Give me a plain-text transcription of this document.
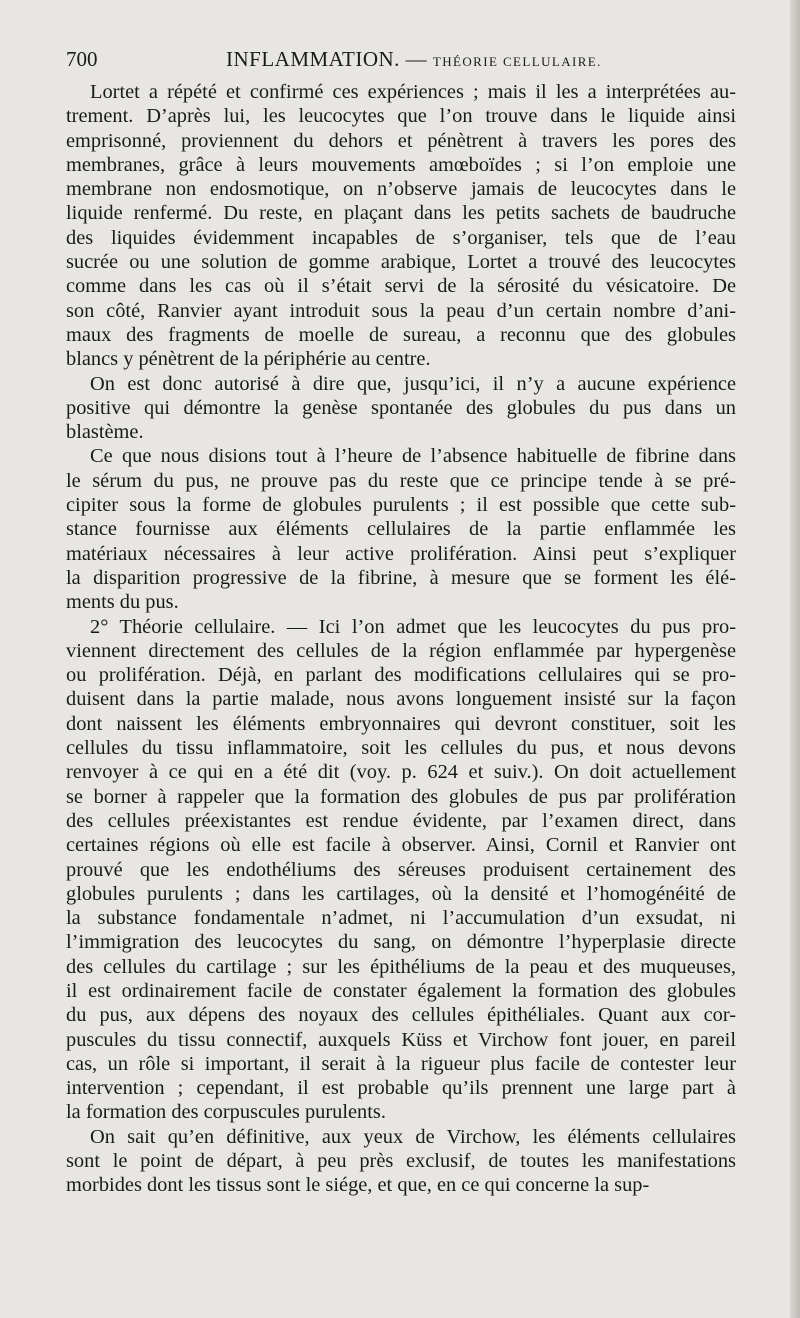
700	INFLAMMATION. — THÉORIE CELLULAIRE.
Lortet a répété et confirmé ces expériences ; mais il les a interprétées au-
trement. D’après lui, les leucocytes que l’on trouve dans le liquide ainsi
emprisonné, proviennent du dehors et pénètrent à travers les pores des
membranes, grâce à leurs mouvements amœboïdes ; si l’on emploie une
membrane non endosmotique, on n’observe jamais de leucocytes dans le
liquide renfermé. Du reste, en plaçant dans les petits sachets de baudruche
des liquides évidemment incapables de s’organiser, tels que de l’eau
sucrée ou une solution de gomme arabique, Lortet a trouvé des leucocytes
comme dans les cas où il s’était servi de la sérosité du vésicatoire. De
son côté, Ranvier ayant introduit sous la peau d’un certain nombre d’ani-
maux des fragments de moelle de sureau, a reconnu que des globules
blancs y pénètrent de la périphérie au centre.
On est donc autorisé à dire que, jusqu’ici, il n’y a aucune expérience
positive qui démontre la genèse spontanée des globules du pus dans un
blastème.
Ce que nous disions tout à l’heure de l’absence habituelle de fibrine dans
le sérum du pus, ne prouve pas du reste que ce principe tende à se pré-
cipiter sous la forme de globules purulents ; il est possible que cette sub-
stance fournisse aux éléments cellulaires de la partie enflammée les
matériaux nécessaires à leur active prolifération. Ainsi peut s’expliquer
la disparition progressive de la fibrine, à mesure que se forment les élé-
ments du pus.
2° Théorie cellulaire. — Ici l’on admet que les leucocytes du pus pro-
viennent directement des cellules de la région enflammée par hypergenèse
ou prolifération. Déjà, en parlant des modifications cellulaires qui se pro-
duisent dans la partie malade, nous avons longuement insisté sur la façon
dont naissent les éléments embryonnaires qui devront constituer, soit les
cellules du tissu inflammatoire, soit les cellules du pus, et nous devons
renvoyer à ce qui en a été dit (voy. p. 624 et suiv.). On doit actuellement
se borner à rappeler que la formation des globules de pus par prolifération
des cellules préexistantes est rendue évidente, par l’examen direct, dans
certaines régions où elle est facile à observer. Ainsi, Cornil et Ranvier ont
prouvé que les endothéliums des séreuses produisent certainement des
globules purulents ; dans les cartilages, où la densité et l’homogénéité de
la substance fondamentale n’admet, ni l’accumulation d’un exsudat, ni
l’immigration des leucocytes du sang, on démontre l’hyperplasie directe
des cellules du cartilage ; sur les épithéliums de la peau et des muqueuses,
il est ordinairement facile de constater également la formation des globules
du pus, aux dépens des noyaux des cellules épithéliales. Quant aux cor-
puscules du tissu connectif, auxquels Küss et Virchow font jouer, en pareil
cas, un rôle si important, il serait à la rigueur plus facile de contester leur
intervention ; cependant, il est probable qu’ils prennent une large part à
la formation des corpuscules purulents.
On sait qu’en définitive, aux yeux de Virchow, les éléments cellulaires
sont le point de départ, à peu près exclusif, de toutes les manifestations
morbides dont les tissus sont le siége, et que, en ce qui concerne la sup-
